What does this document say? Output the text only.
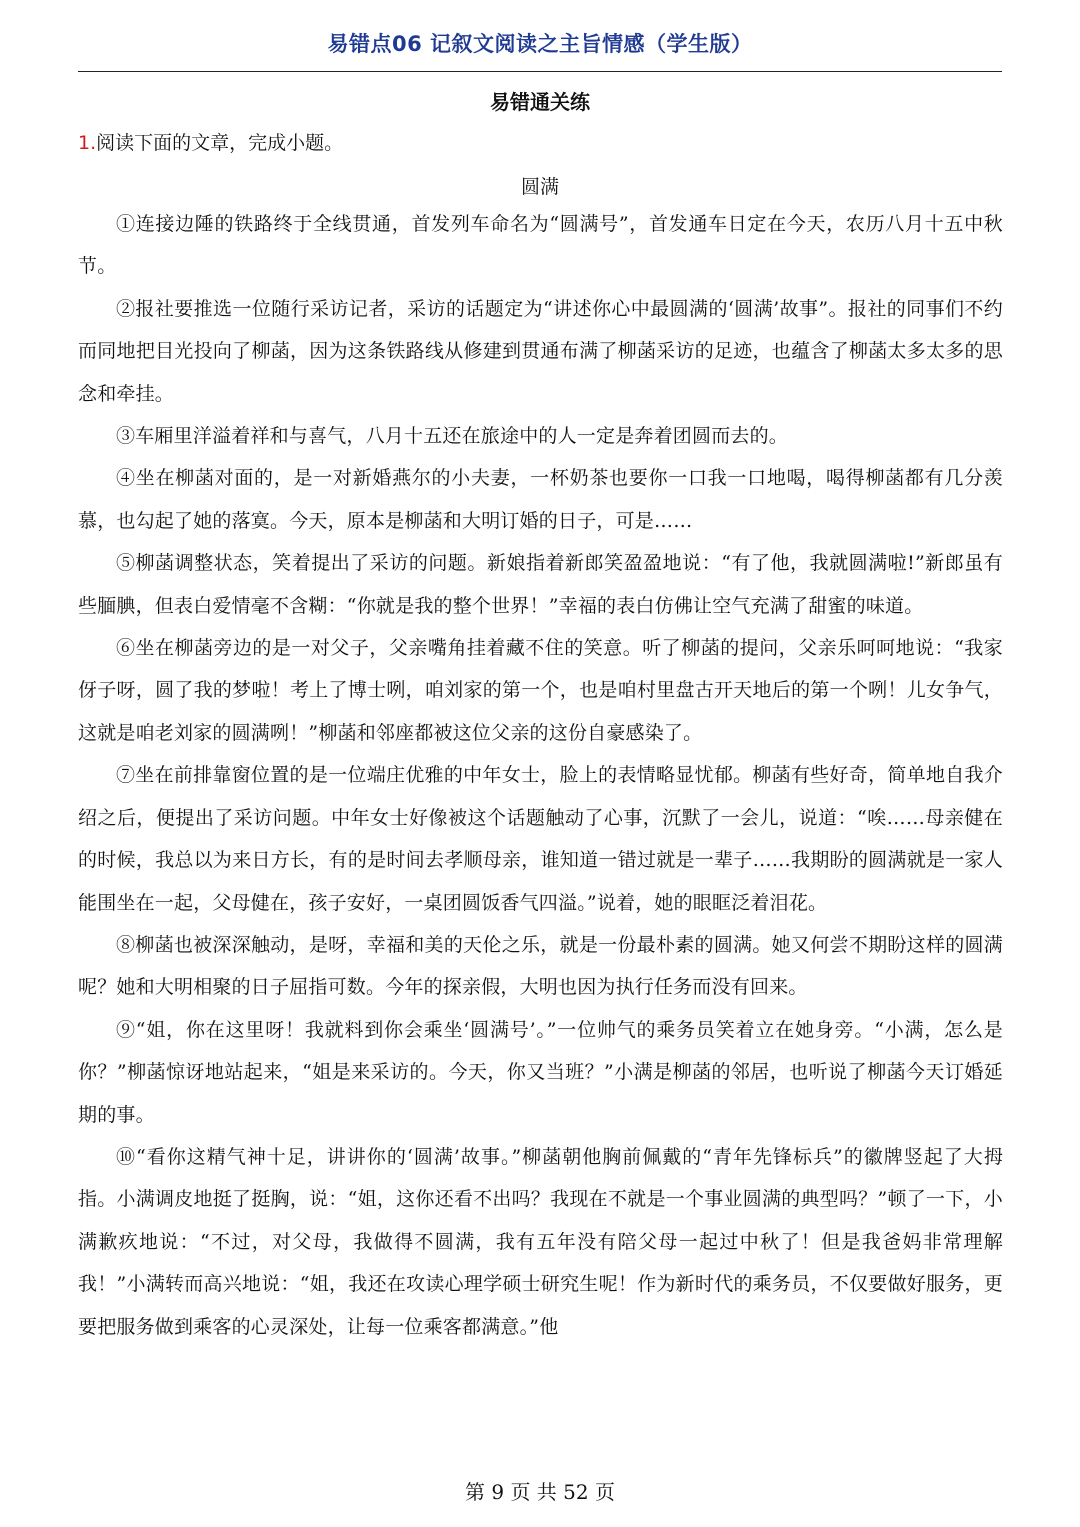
易错点06 记叙文阅读之主旨情感（学生版）
易错通关练
1.阅读下面的文章，完成小题。
圆满

①连接边陲的铁路终于全线贯通，首发列车命名为“圆满号”，首发通车日定在今天，农历八月十五中秋节。

②报社要推选一位随行采访记者，采访的话题定为“讲述你心中最圆满的‘圆满’故事”。报社的同事们不约而同地把目光投向了柳菡，因为这条铁路线从修建到贯通布满了柳菡采访的足迹，也蕴含了柳菡太多太多的思念和牵挂。

③车厢里洋溢着祥和与喜气，八月十五还在旅途中的人一定是奔着团圆而去的。

④坐在柳菡对面的，是一对新婚燕尔的小夫妻，一杯奶茶也要你一口我一口地喝，喝得柳菡都有几分羡慕，也勾起了她的落寞。今天，原本是柳菡和大明订婚的日子，可是……

⑤柳菡调整状态，笑着提出了采访的问题。新娘指着新郎笑盈盈地说：“有了他，我就圆满啦!”新郎虽有些腼腆，但表白爱情毫不含糊：“你就是我的整个世界！”幸福的表白仿佛让空气充满了甜蜜的味道。

⑥坐在柳菡旁边的是一对父子，父亲嘴角挂着藏不住的笑意。听了柳菡的提问，父亲乐呵呵地说：“我家伢子呀，圆了我的梦啦！考上了博士咧，咱刘家的第一个，也是咱村里盘古开天地后的第一个咧！儿女争气，这就是咱老刘家的圆满咧！”柳菡和邻座都被这位父亲的这份自豪感染了。

⑦坐在前排靠窗位置的是一位端庄优雅的中年女士，脸上的表情略显忧郁。柳菡有些好奇，简单地自我介绍之后，便提出了采访问题。中年女士好像被这个话题触动了心事，沉默了一会儿，说道：“唉……母亲健在的时候，我总以为来日方长，有的是时间去孝顺母亲，谁知道一错过就是一辈子……我期盼的圆满就是一家人能围坐在一起，父母健在，孩子安好，一桌团圆饭香气四溢。”说着，她的眼眶泛着泪花。

⑧柳菡也被深深触动，是呀，幸福和美的天伦之乐，就是一份最朴素的圆满。她又何尝不期盼这样的圆满呢？她和大明相聚的日子屈指可数。今年的探亲假，大明也因为执行任务而没有回来。

⑨“姐，你在这里呀！我就料到你会乘坐‘圆满号’。”一位帅气的乘务员笑着立在她身旁。“小满，怎么是你？”柳菡惊讶地站起来，“姐是来采访的。今天，你又当班？”小满是柳菡的邻居，也听说了柳菡今天订婚延期的事。

⑩“看你这精气神十足，讲讲你的‘圆满’故事。”柳菡朝他胸前佩戴的“青年先锋标兵”的徽牌竖起了大拇指。小满调皮地挺了挺胸，说：“姐，这你还看不出吗？我现在不就是一个事业圆满的典型吗？”顿了一下，小满歉疚地说：“不过，对父母，我做得不圆满，我有五年没有陪父母一起过中秋了！但是我爸妈非常理解我！”小满转而高兴地说：“姐，我还在攻读心理学硕士研究生呢！作为新时代的乘务员，不仅要做好服务，更要把服务做到乘客的心灵深处，让每一位乘客都满意。”他

第 9 页 共 52 页
